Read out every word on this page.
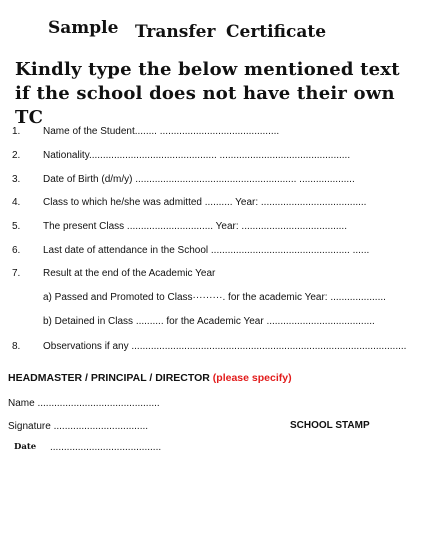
Sample Transfer Certificate
Kindly type the below mentioned text if the school does not have their own TC
1. Name of the Student........ ...........................................
2. Nationality.............................................. ...............................................
3. Date of Birth (d/m/y) .......................................................... ....................
4. Class to which he/she was admitted .......... Year: ......................................
5. The present Class ............................... Year: ......................................
6. Last date of attendance in the School .................................................. ......
7. Result at the end of the Academic Year
a) Passed and Promoted to Class·········. for the academic Year: ....................
b) Detained in Class .......... for the Academic Year .......................................
8. Observations if any ...................................................................................................
HEADMASTER / PRINCIPAL / DIRECTOR (please specify)
Name ............................................
Signature ..................................	SCHOOL STAMP
Date ........................................
